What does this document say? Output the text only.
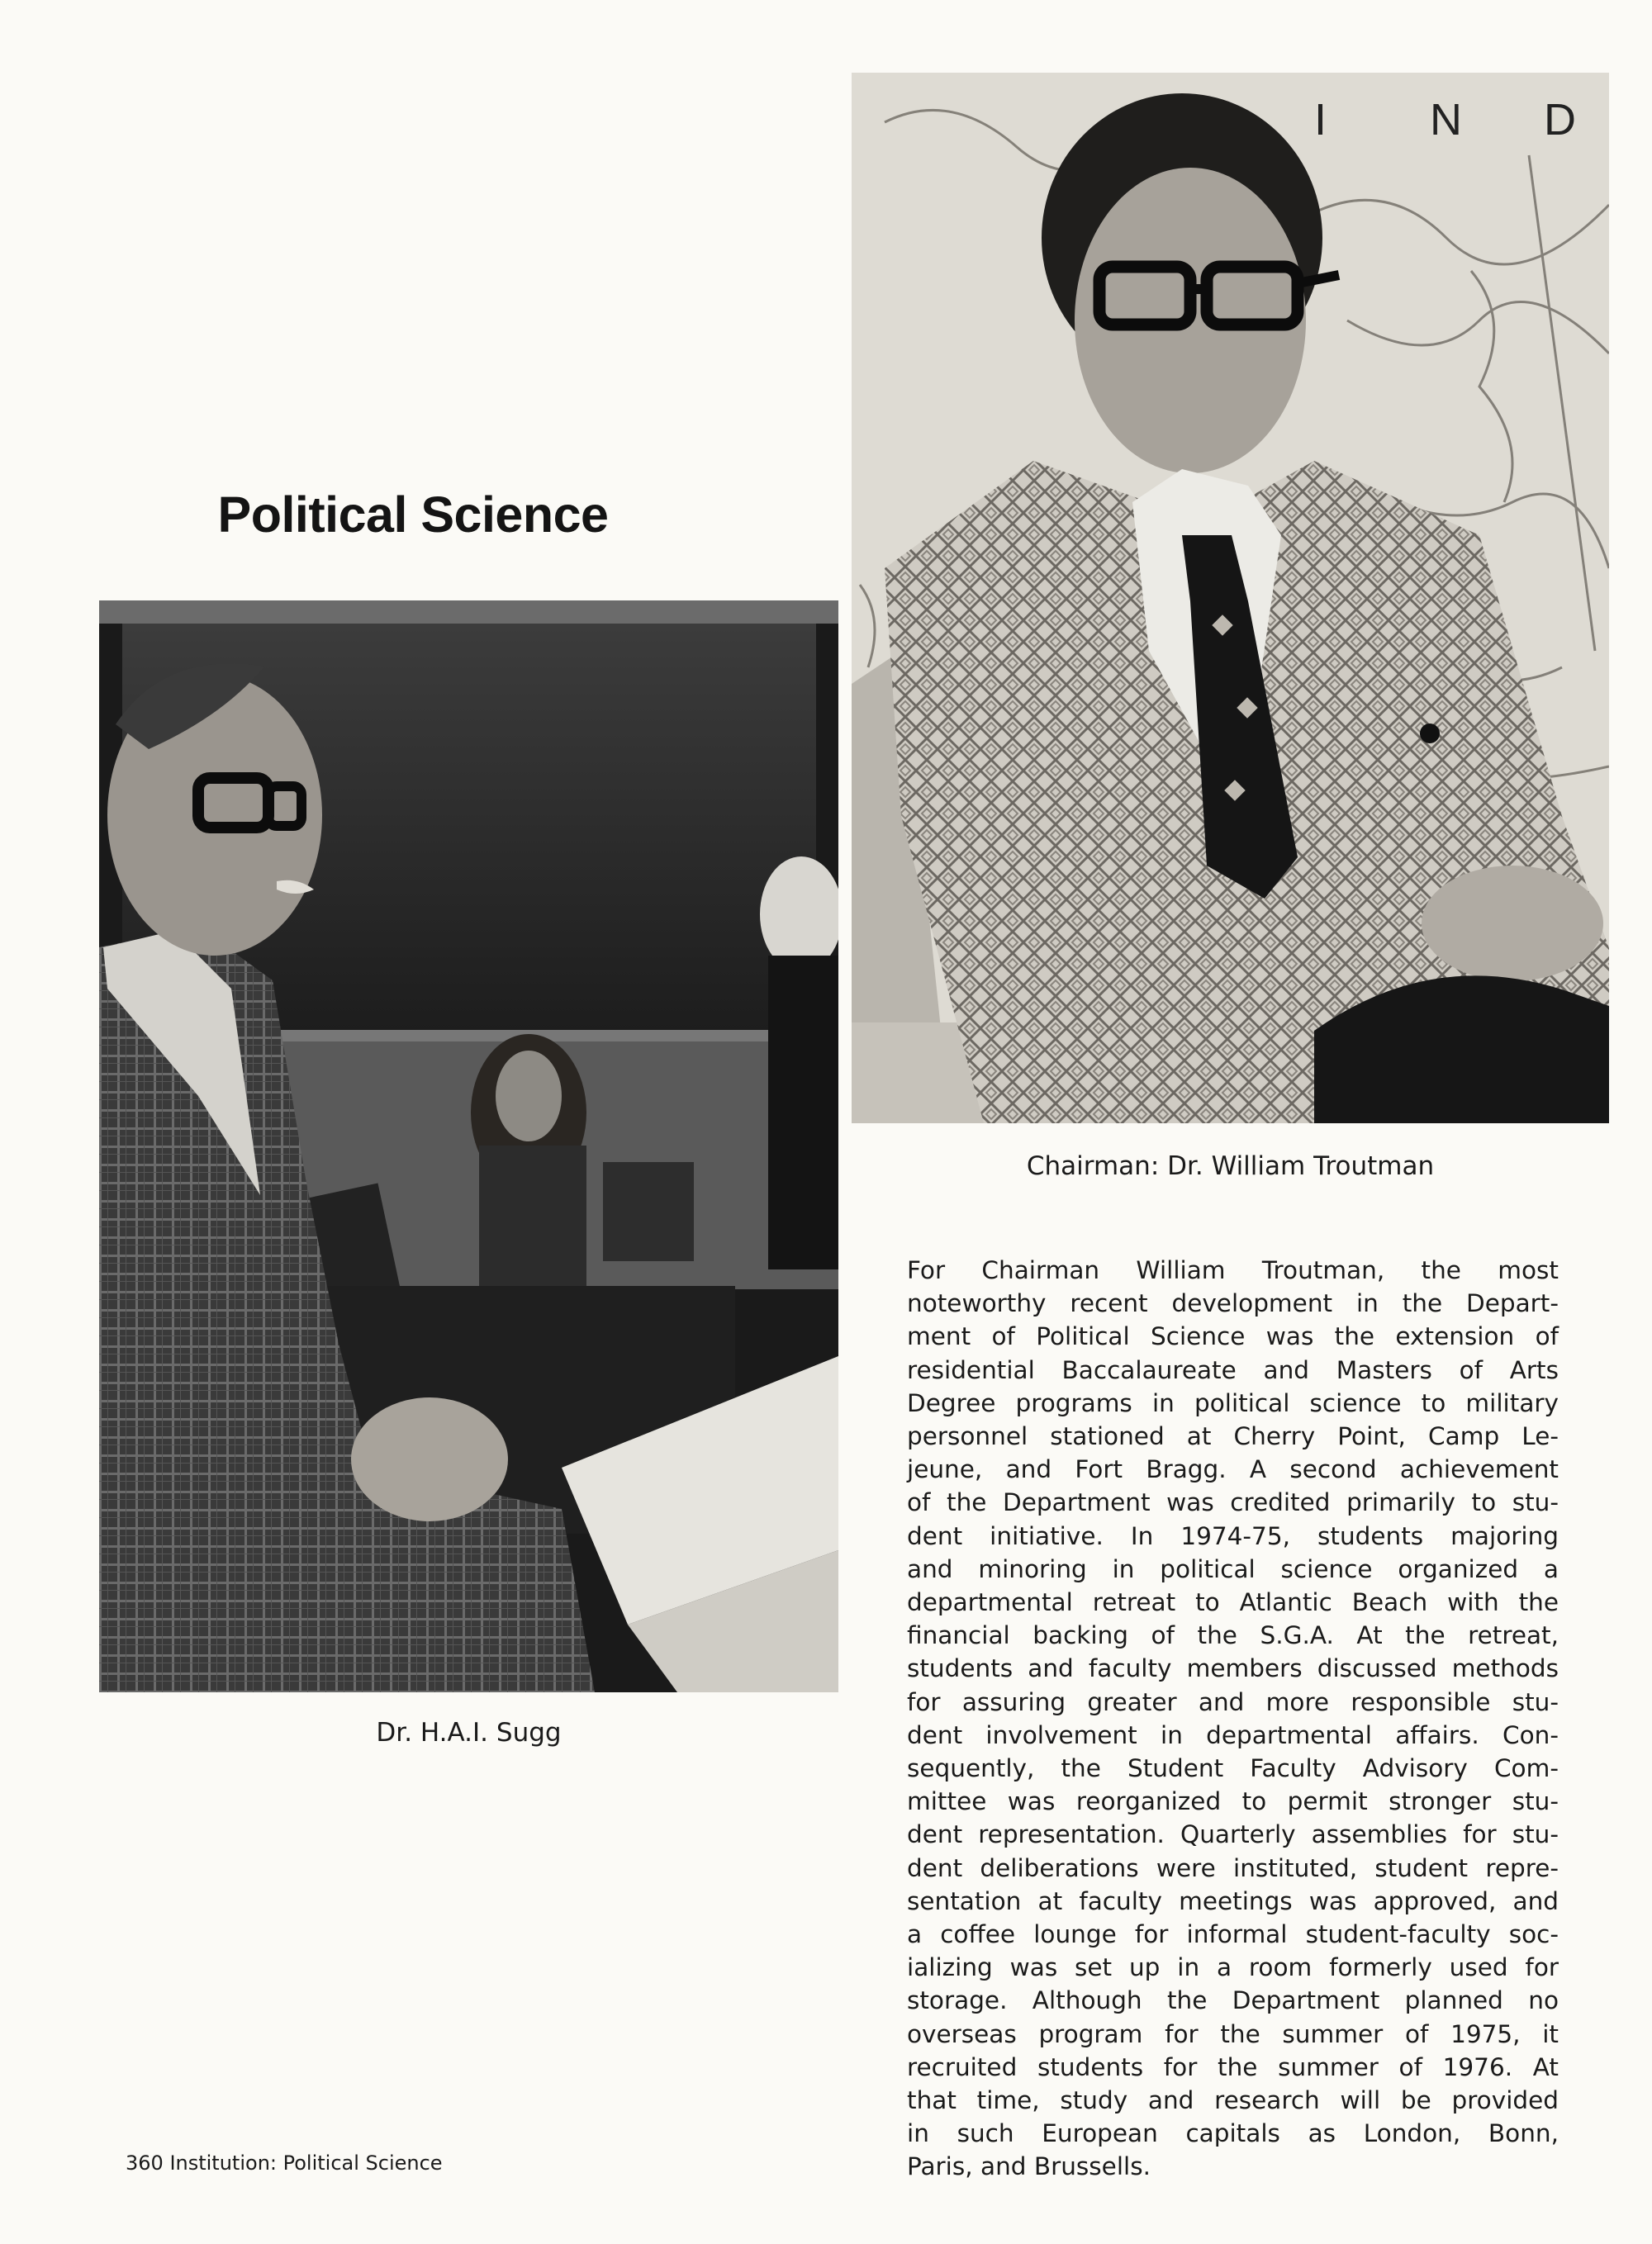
Political Science
Dr. H.A.I. Sugg
I N D
Chairman: Dr. William Troutman
For Chairman William Troutman, the most
noteworthy recent development in the Depart-
ment of Political Science was the extension of
residential Baccalaureate and Masters of Arts
Degree programs in political science to military
personnel stationed at Cherry Point, Camp Le-
jeune, and Fort Bragg. A second achievement
of the Department was credited primarily to stu-
dent initiative. In 1974-75, students majoring
and minoring in political science organized a
departmental retreat to Atlantic Beach with the
financial backing of the S.G.A. At the retreat,
students and faculty members discussed methods
for assuring greater and more responsible stu-
dent involvement in departmental affairs. Con-
sequently, the Student Faculty Advisory Com-
mittee was reorganized to permit stronger stu-
dent representation. Quarterly assemblies for stu-
dent deliberations were instituted, student repre-
sentation at faculty meetings was approved, and
a coffee lounge for informal student-faculty soc-
ializing was set up in a room formerly used for
storage. Although the Department planned no
overseas program for the summer of 1975, it
recruited students for the summer of 1976. At
that time, study and research will be provided
in such European capitals as London, Bonn,
Paris, and Brussells.
360 Institution: Political Science
